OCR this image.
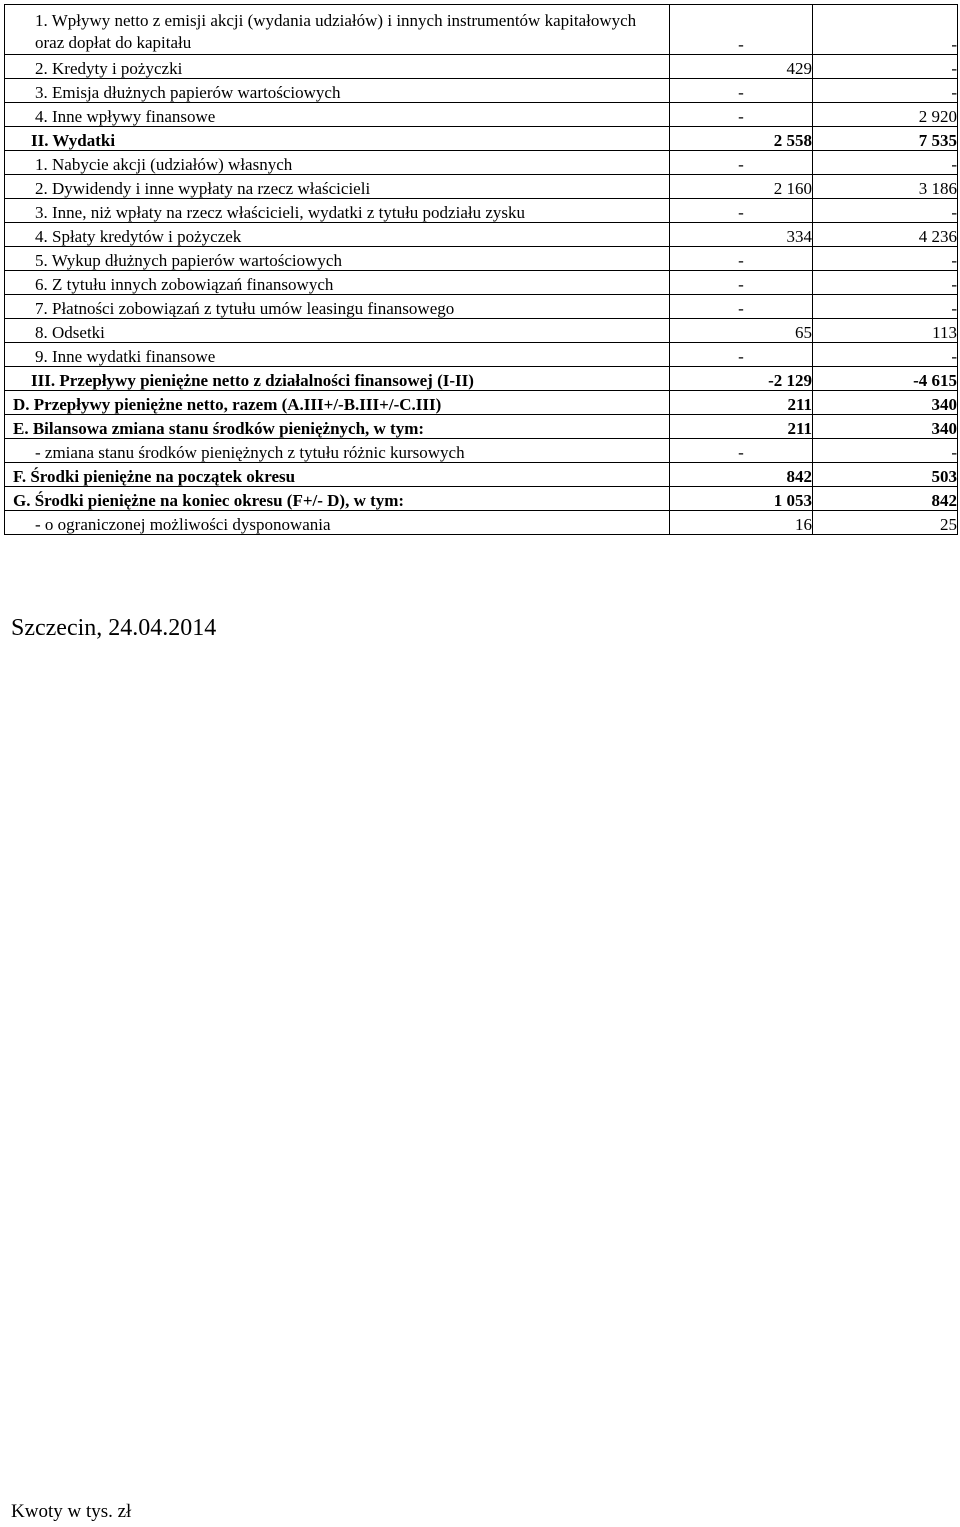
1. Wpływy netto z emisji akcji (wydania udziałów) i innych instrumentów kapitałowych oraz dopłat do kapitału	-	-
2. Kredyty i pożyczki	429	-
3. Emisja dłużnych papierów wartościowych	-	-
4. Inne wpływy finansowe	-	2 920
II. Wydatki	2 558	7 535
1. Nabycie akcji (udziałów) własnych	-	-
2. Dywidendy i inne wypłaty na rzecz właścicieli	2 160	3 186
3. Inne, niż wpłaty na rzecz właścicieli, wydatki z tytułu podziału zysku	-	-
4. Spłaty kredytów i pożyczek	334	4 236
5. Wykup dłużnych papierów wartościowych	-	-
6. Z tytułu innych zobowiązań finansowych	-	-
7. Płatności zobowiązań z tytułu umów leasingu finansowego	-	-
8. Odsetki	65	113
9. Inne wydatki finansowe	-	-
III. Przepływy pieniężne netto z działalności finansowej (I-II)	-2 129	-4 615
D. Przepływy pieniężne netto, razem (A.III+/-B.III+/-C.III)	211	340
E. Bilansowa zmiana stanu środków pieniężnych, w tym:	211	340
- zmiana stanu środków pieniężnych z tytułu różnic kursowych	-	-
F. Środki pieniężne na początek okresu	842	503
G. Środki pieniężne na koniec okresu (F+/- D), w tym:	1 053	842
- o ograniczonej możliwości dysponowania	16	25
Szczecin, 24.04.2014
Kwoty w tys. zł
